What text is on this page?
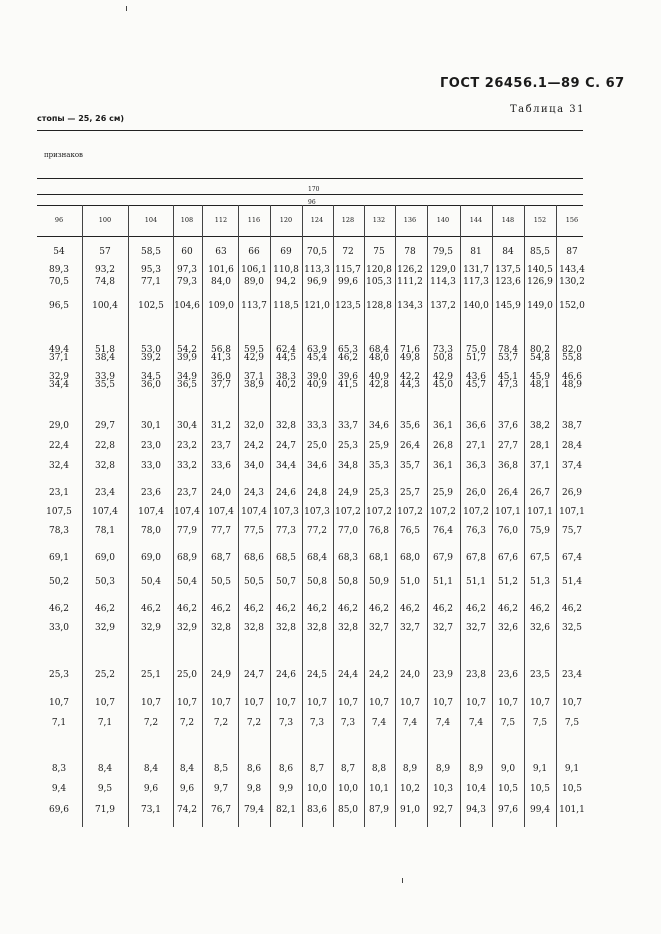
ГОСТ 26456.1—89 С. 67
Таблица 31
стопы — 25, 26 см)
признаков
170
96
96	100	104	108	112	116	120	124	128	132	136	140	144	148	152	156
54	57	58,5	60	63	66	69	70,5	72	75	78	79,5	81	84	85,5	87
89,3	93,2	95,3	97,3	101,6 106,1 110,8 113,3 115,7 120,8 126,2 129,0 131,7 137,5 140,5 143,4
70,5	74,8	77,1	79,3	84,0	89,0	94,2	96,9	99,6 105,3 111,2 114,3 117,3 123,6 126,9 130,2
96,5	100,4	102,5	104,6 109,0 113,7 118,5 121,0 123,5 128,8 134,3 137,2 140,0 145,9 149,0 152,0
49,4	51,8	53,0	54,2	56,8	59,5	62,4	63,9	65,3	68,4	71,6	73,3	75,0	78,4	80,2	82,0
37,1	38,4	39,2	39,9	41,3	42,9	44,5	45,4	46,2	48,0	49,8	50,8	51,7	53,7	54,8	55,8
32,9	33,9	34,5	34,9	36,0	37,1	38,3	39,0	39,6	40,9	42,2	42,9	43,6	45,1	45,9	46,6
34,4	35,5	36,0	36,5	37,7	38,9	40,2	40,9	41,5	42,8	44,3	45,0	45,7	47,3	48,1	48,9
29,0	29,7	30,1	30,4	31,2	32,0	32,8	33,3	33,7	34,6	35,6	36,1	36,6	37,6	38,2	38,7
22,4	22,8	23,0	23,2	23,7	24,2	24,7	25,0	25,3	25,9	26,4	26,8	27,1	27,7	28,1	28,4
32,4	32,8	33,0	33,2	33,6	34,0	34,4	34,6	34,8	35,3	35,7	36,1	36,3	36,8	37,1	37,4
23,1	23,4	23,6	23,7	24,0	24,3	24,6	24,8	24,9	25,3	25,7	25,9	26,0	26,4	26,7	26,9
107,5	107,4	107,4	107,4 107,4 107,4 107,3 107,3 107,2 107,2 107,2 107,2 107,2 107,1 107,1 107,1
78,3	78,1	78,0	77,9	77,7	77,5	77,3	77,2	77,0	76,8	76,5	76,4	76,3	76,0	75,9	75,7
69,1	69,0	69,0	68,9	68,7	68,6	68,5	68,4	68,3	68,1	68,0	67,9	67,8	67,6	67,5	67,4
50,2	50,3	50,4	50,4	50,5	50,5	50,7	50,8	50,8	50,9	51,0	51,1	51,1	51,2	51,3	51,4
46,2	46,2	46,2	46,2	46,2	46,2	46,2	46,2	46,2	46,2	46,2	46,2	46,2	46,2	46,2	46,2
33,0	32,9	32,9	32,9	32,8	32,8	32,8	32,8	32,8	32,7	32,7	32,7	32,7	32,6	32,6	32,5
25,3	25,2	25,1	25,0	24,9	24,7	24,6	24,5	24,4	24,2	24,0	23,9	23,8	23,6	23,5	23,4
10,7	10,7	10,7	10,7	10,7	10,7	10,7	10,7	10,7	10,7	10,7	10,7	10,7	10,7	10,7	10,7
7,1	7,1	7,2	7,2	7,2	7,2	7,3	7,3	7,3	7,4	7,4	7,4	7,4	7,5	7,5	7,5
8,3	8,4	8,4	8,4	8,5	8,6	8,6	8,7	8,7	8,8	8,9	8,9	8,9	9,0	9,1	9,1
9,4	9,5	9,6	9,6	9,7	9,8	9,9	10,0	10,0	10,1	10,2	10,3	10,4	10,5	10,5	10,5
69,6	71,9	73,1	74,2	76,7	79,4	82,1	83,6	85,0	87,9	91,0	92,7	94,3	97,6	99,4	101,1
